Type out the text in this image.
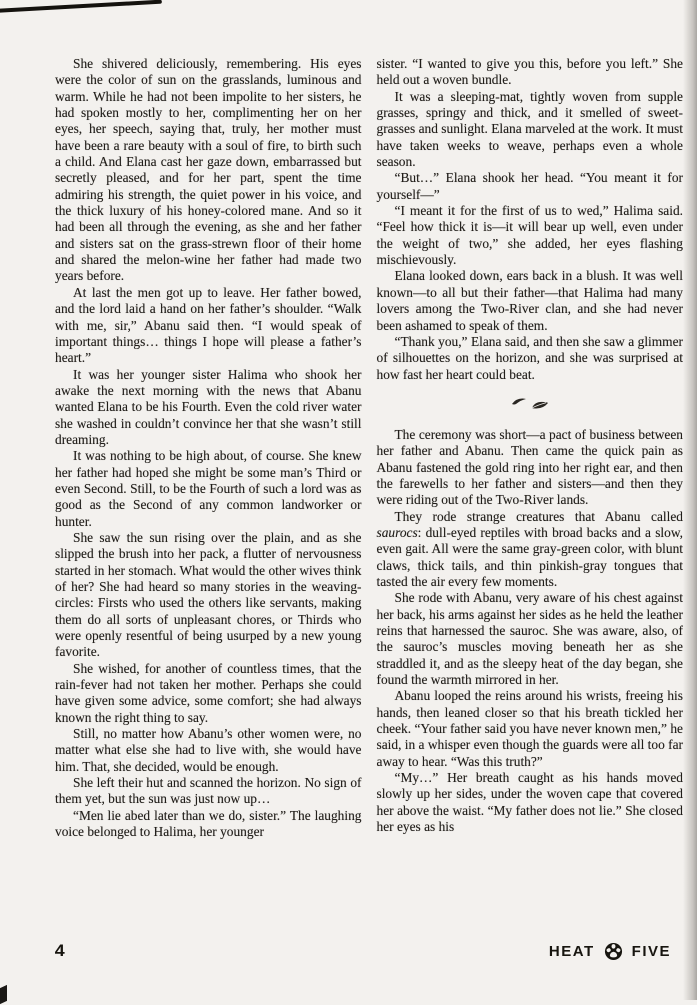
She shivered deliciously, remembering. His eyes were the color of sun on the grasslands, luminous and warm. While he had not been impolite to her sisters, he had spoken mostly to her, complimenting her on her eyes, her speech, saying that, truly, her mother must have been a rare beauty with a soul of fire, to birth such a child. And Elana cast her gaze down, embarrassed but secretly pleased, and for her part, spent the time admiring his strength, the quiet power in his voice, and the thick luxury of his honey-colored mane. And so it had been all through the evening, as she and her father and sisters sat on the grass-strewn floor of their home and shared the melon-wine her father had made two years before.

At last the men got up to leave. Her father bowed, and the lord laid a hand on her father’s shoulder. “Walk with me, sir,” Abanu said then. “I would speak of important things… things I hope will please a father’s heart.”

It was her younger sister Halima who shook her awake the next morning with the news that Abanu wanted Elana to be his Fourth. Even the cold river water she washed in couldn’t convince her that she wasn’t still dreaming.

It was nothing to be high about, of course. She knew her father had hoped she might be some man’s Third or even Second. Still, to be the Fourth of such a lord was as good as the Second of any common landworker or hunter.

She saw the sun rising over the plain, and as she slipped the brush into her pack, a flutter of nervousness started in her stomach. What would the other wives think of her? She had heard so many stories in the weaving-circles: Firsts who used the others like servants, making them do all sorts of unpleasant chores, or Thirds who were openly resentful of being usurped by a new young favorite.

She wished, for another of countless times, that the rain-fever had not taken her mother. Perhaps she could have given some advice, some comfort; she had always known the right thing to say.

Still, no matter how Abanu’s other women were, no matter what else she had to live with, she would have him. That, she decided, would be enough.

She left their hut and scanned the horizon. No sign of them yet, but the sun was just now up…

“Men lie abed later than we do, sister.” The laughing voice belonged to Halima, her younger

sister. “I wanted to give you this, before you left.” She held out a woven bundle.

It was a sleeping-mat, tightly woven from supple grasses, springy and thick, and it smelled of sweet-grasses and sunlight. Elana marveled at the work. It must have taken weeks to weave, perhaps even a whole season.

“But…” Elana shook her head. “You meant it for yourself—”

“I meant it for the first of us to wed,” Halima said. “Feel how thick it is—it will bear up well, even under the weight of two,” she added, her eyes flashing mischievously.

Elana looked down, ears back in a blush. It was well known—to all but their father—that Halima had many lovers among the Two-River clan, and she had never been ashamed to speak of them.

“Thank you,” Elana said, and then she saw a glimmer of silhouettes on the horizon, and she was surprised at how fast her heart could beat.

The ceremony was short—a pact of business between her father and Abanu. Then came the quick pain as Abanu fastened the gold ring into her right ear, and then the farewells to her father and sisters—and then they were riding out of the Two-River lands.

They rode strange creatures that Abanu called saurocs: dull-eyed reptiles with broad backs and a slow, even gait. All were the same gray-green color, with blunt claws, thick tails, and thin pinkish-gray tongues that tasted the air every few moments.

She rode with Abanu, very aware of his chest against her back, his arms against her sides as he held the leather reins that harnessed the sauroc. She was aware, also, of the sauroc’s muscles moving beneath her as she straddled it, and as the sleepy heat of the day began, she found the warmth mirrored in her.

Abanu looped the reins around his wrists, freeing his hands, then leaned closer so that his breath tickled her cheek. “Your father said you have never known men,” he said, in a whisper even though the guards were all too far away to hear. “Was this truth?”

“My…” Her breath caught as his hands moved slowly up her sides, under the woven cape that covered her above the waist. “My father does not lie.” She closed her eyes as his

4	HEAT FIVE
